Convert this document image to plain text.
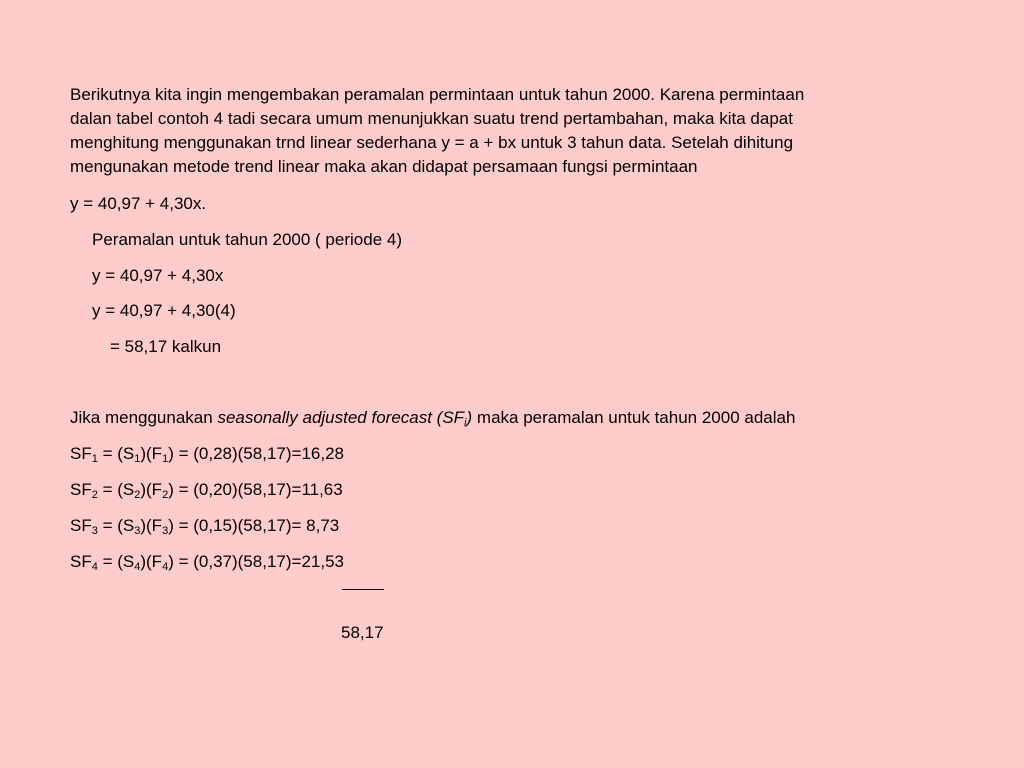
Berikutnya kita ingin mengembakan peramalan permintaan untuk tahun 2000. Karena permintaan
dalan tabel contoh 4 tadi secara umum menunjukkan suatu trend pertambahan, maka kita dapat
menghitung menggunakan trnd linear sederhana y = a + bx untuk 3 tahun data. Setelah dihitung
mengunakan metode trend linear maka akan didapat persamaan fungsi permintaan
y = 40,97 + 4,30x.
Peramalan untuk tahun 2000 ( periode 4)
y = 40,97 + 4,30x
y = 40,97 + 4,30(4)
= 58,17 kalkun
Jika menggunakan seasonally adjusted forecast $(SF_i)$ maka peramalan untuk tahun 2000 adalah
$SF_1 = (S_1)(F_1) = (0,28)(58,17)=16,28$
$SF_2 = (S_2)(F_2) = (0,20)(58,17)=11,63$
$SF_3 = (S_3)(F_3) = (0,15)(58,17)= 8,73$
$SF_4 = (S_4)(F_4) = (0,37)(58,17)=21,53$
58,17
